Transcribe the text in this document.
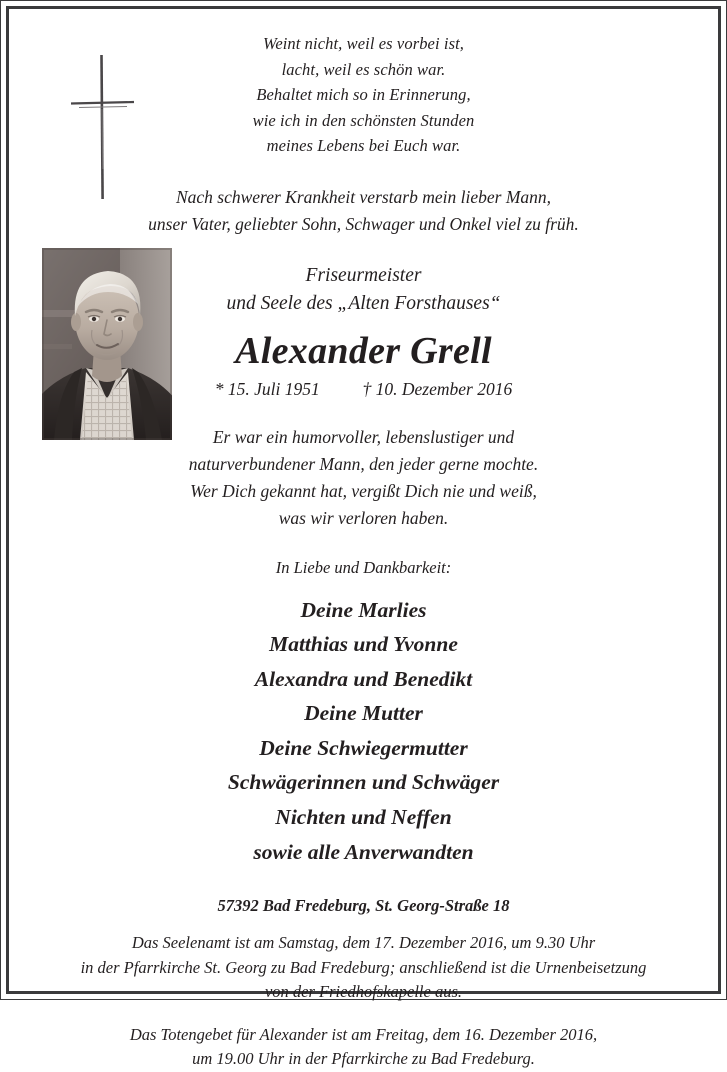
Weint nicht, weil es vorbei ist,
lacht, weil es schön war.
Behaltet mich so in Erinnerung,
wie ich in den schönsten Stunden
meines Lebens bei Euch war.
Nach schwerer Krankheit verstarb mein lieber Mann,
unser Vater, geliebter Sohn, Schwager und Onkel viel zu früh.
Friseurmeister
und Seele des „Alten Forsthauses“
Alexander Grell
* 15. Juli 1951 † 10. Dezember 2016
Er war ein humorvoller, lebenslustiger und
naturverbundener Mann, den jeder gerne mochte.
Wer Dich gekannt hat, vergißt Dich nie und weiß,
was wir verloren haben.
In Liebe und Dankbarkeit:
Deine Marlies
Matthias und Yvonne
Alexandra und Benedikt
Deine Mutter
Deine Schwiegermutter
Schwägerinnen und Schwäger
Nichten und Neffen
sowie alle Anverwandten
57392 Bad Fredeburg, St. Georg-Straße 18
Das Seelenamt ist am Samstag, dem 17. Dezember 2016, um 9.30 Uhr
in der Pfarrkirche St. Georg zu Bad Fredeburg; anschließend ist die Urnenbeisetzung
von der Friedhofskapelle aus.
Das Totengebet für Alexander ist am Freitag, dem 16. Dezember 2016,
um 19.00 Uhr in der Pfarrkirche zu Bad Fredeburg.
